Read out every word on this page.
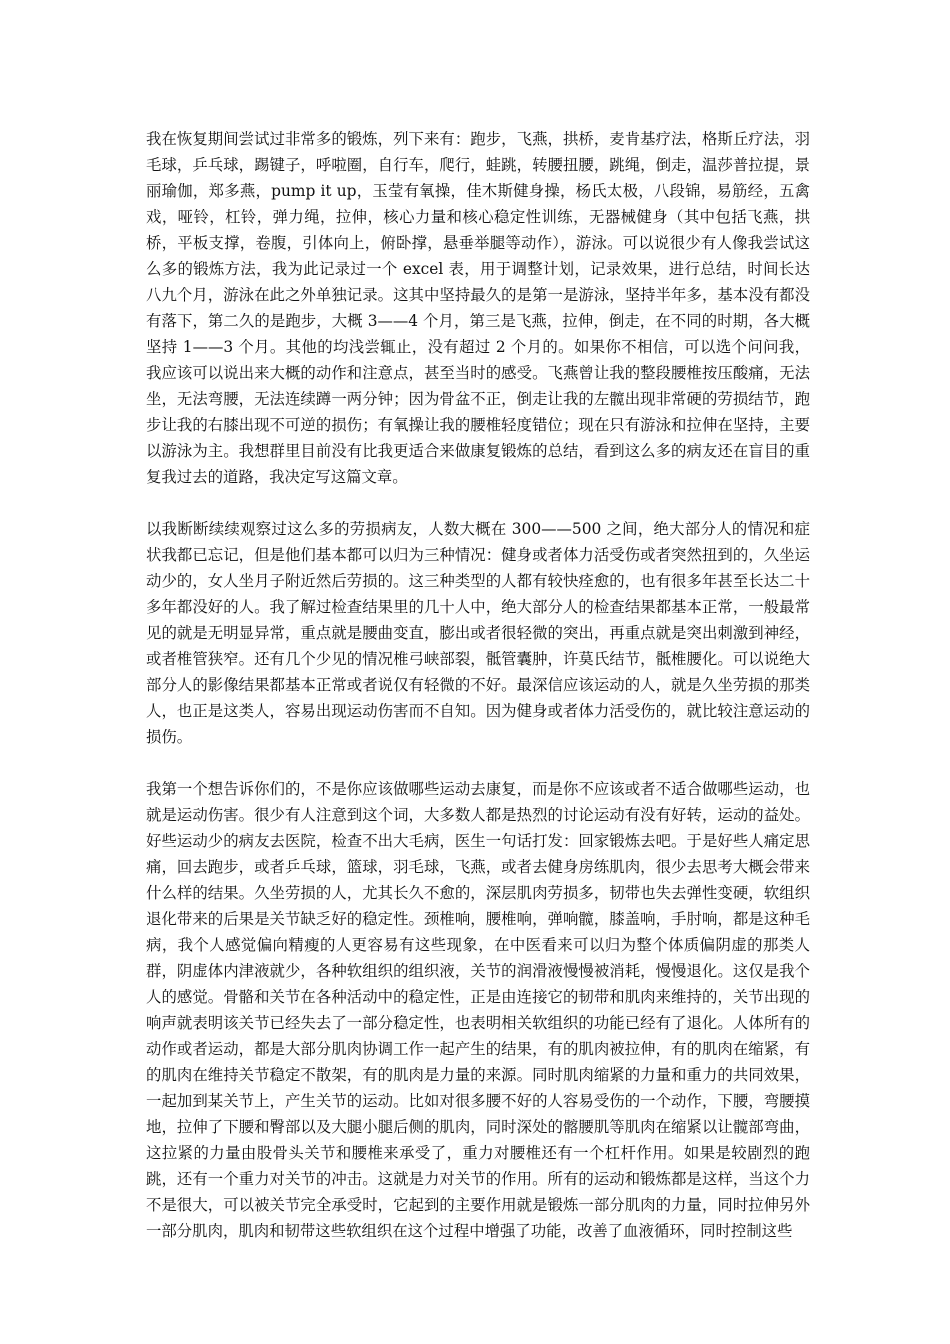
我在恢复期间尝试过非常多的锻炼，列下来有：跑步，飞燕，拱桥，麦肯基疗法，格斯丘疗法，羽毛球，乒乓球，踢键子，呼啦圈，自行车，爬行，蛙跳，转腰扭腰，跳绳，倒走，温莎普拉提，景丽瑜伽，郑多燕，pump it up，玉莹有氧操，佳木斯健身操，杨氏太极，八段锦，易筋经，五禽戏，哑铃，杠铃，弹力绳，拉伸，核心力量和核心稳定性训练，无器械健身（其中包括飞燕，拱桥，平板支撑，卷腹，引体向上，俯卧撑，悬垂举腿等动作），游泳。可以说很少有人像我尝试这么多的锻炼方法，我为此记录过一个 excel 表，用于调整计划，记录效果，进行总结，时间长达八九个月，游泳在此之外单独记录。这其中坚持最久的是第一是游泳，坚持半年多，基本没有都没有落下，第二久的是跑步，大概 3——4 个月，第三是飞燕，拉伸，倒走，在不同的时期，各大概坚持 1——3 个月。其他的均浅尝辄止，没有超过 2 个月的。如果你不相信，可以选个问问我，我应该可以说出来大概的动作和注意点，甚至当时的感受。飞燕曾让我的整段腰椎按压酸痛，无法坐，无法弯腰，无法连续蹲一两分钟；因为骨盆不正，倒走让我的左髋出现非常硬的劳损结节，跑步让我的右膝出现不可逆的损伤；有氧操让我的腰椎轻度错位；现在只有游泳和拉伸在坚持，主要以游泳为主。我想群里目前没有比我更适合来做康复锻炼的总结，看到这么多的病友还在盲目的重复我过去的道路，我决定写这篇文章。

以我断断续续观察过这么多的劳损病友，人数大概在 300——500 之间，绝大部分人的情况和症状我都已忘记，但是他们基本都可以归为三种情况：健身或者体力活受伤或者突然扭到的，久坐运动少的，女人坐月子附近然后劳损的。这三种类型的人都有较快痊愈的，也有很多年甚至长达二十多年都没好的人。我了解过检查结果里的几十人中，绝大部分人的检查结果都基本正常，一般最常见的就是无明显异常，重点就是腰曲变直，膨出或者很轻微的突出，再重点就是突出刺激到神经，或者椎管狭窄。还有几个少见的情况椎弓峡部裂，骶管囊肿，许莫氏结节，骶椎腰化。可以说绝大部分人的影像结果都基本正常或者说仅有轻微的不好。最深信应该运动的人，就是久坐劳损的那类人，也正是这类人，容易出现运动伤害而不自知。因为健身或者体力活受伤的，就比较注意运动的损伤。

我第一个想告诉你们的，不是你应该做哪些运动去康复，而是你不应该或者不适合做哪些运动，也就是运动伤害。很少有人注意到这个词，大多数人都是热烈的讨论运动有没有好转，运动的益处。好些运动少的病友去医院，检查不出大毛病，医生一句话打发：回家锻炼去吧。于是好些人痛定思痛，回去跑步，或者乒乓球，篮球，羽毛球，飞燕，或者去健身房练肌肉，很少去思考大概会带来什么样的结果。久坐劳损的人，尤其长久不愈的，深层肌肉劳损多，韧带也失去弹性变硬，软组织退化带来的后果是关节缺乏好的稳定性。颈椎响，腰椎响，弹响髋，膝盖响，手肘响，都是这种毛病，我个人感觉偏向精瘦的人更容易有这些现象，在中医看来可以归为整个体质偏阴虚的那类人群，阴虚体内津液就少，各种软组织的组织液，关节的润滑液慢慢被消耗，慢慢退化。这仅是我个人的感觉。骨骼和关节在各种活动中的稳定性，正是由连接它的韧带和肌肉来维持的，关节出现的响声就表明该关节已经失去了一部分稳定性，也表明相关软组织的功能已经有了退化。人体所有的动作或者运动，都是大部分肌肉协调工作一起产生的结果，有的肌肉被拉伸，有的肌肉在缩紧，有的肌肉在维持关节稳定不散架，有的肌肉是力量的来源。同时肌肉缩紧的力量和重力的共同效果，一起加到某关节上，产生关节的运动。比如对很多腰不好的人容易受伤的一个动作，下腰，弯腰摸地，拉伸了下腰和臀部以及大腿小腿后侧的肌肉，同时深处的髂腰肌等肌肉在缩紧以让髋部弯曲，这拉紧的力量由股骨头关节和腰椎来承受了，重力对腰椎还有一个杠杆作用。如果是较剧烈的跑跳，还有一个重力对关节的冲击。这就是力对关节的作用。所有的运动和锻炼都是这样，当这个力不是很大，可以被关节完全承受时，它起到的主要作用就是锻炼一部分肌肉的力量，同时拉伸另外一部分肌肉，肌肉和韧带这些软组织在这个过程中增强了功能，改善了血液循环，同时控制这些
